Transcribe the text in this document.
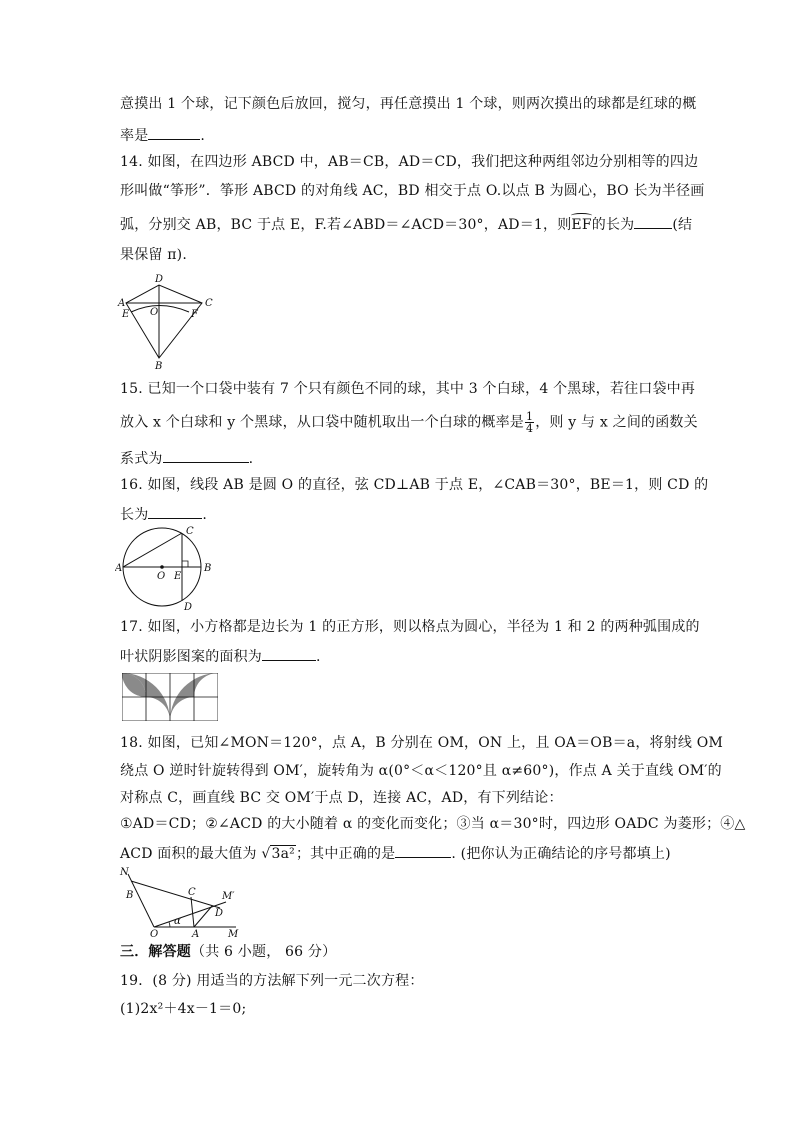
意摸出 1 个球，记下颜色后放回，搅匀，再任意摸出 1 个球，则两次摸出的球都是红球的概
率是	.
14. 如图，在四边形 ABCD 中，AB＝CB，AD＝CD，我们把这种两组邻边分别相等的四边
形叫做“筝形”．筝形 ABCD 的对角线 AC，BD 相交于点 O.以点 B 为圆心，BO 长为半径画
弧，分别交 AB，BC 于点 E，F.若∠ABD＝∠ACD＝30°，AD＝1，则EF的长为	(结
果保留 π).
D
A	C
E O	F
B
15. 已知一个口袋中装有 7 个只有颜色不同的球，其中 3 个白球，4 个黑球，若往口袋中再
放入 x 个白球和 y 个黑球，从口袋中随机取出一个白球的概率是 $\frac{1}{4}$ ，则 y 与 x 之间的函数关
系式为	.
16. 如图，线段 AB 是圆 O 的直径，弦 CD⊥AB 于点 E，∠CAB＝30°，BE＝1，则 CD 的
长为	.
C
A
O E
B
D
17. 如图，小方格都是边长为 1 的正方形，则以格点为圆心，半径为 1 和 2 的两种弧围成的
叶状阴影图案的面积为	.
18. 如图，已知∠MON＝120°，点 A，B 分别在 OM，ON 上，且 OA＝OB＝a，将射线 OM
绕点 O 逆时针旋转得到 OM′，旋转角为 α(0°＜α＜120°且 α≠60°)，作点 A 关于直线 OM′的
对称点 C，画直线 BC 交 OM′于点 D，连接 AC，AD，有下列结论：
①AD＝CD；②∠ACD 的大小随着 α 的变化而变化；③当 α＝30°时，四边形 OADC 为菱形；④△
ACD 面积的最大值为 √3a²；其中正确的是	. (把你认为正确结论的序号都填上)
N
B	C	M′
D
α
O	A	M
三．解答题（共 6 小题， 66 分）
19．(8 分) 用适当的方法解下列一元二次方程：
(1)2x²＋4x－1＝0;
